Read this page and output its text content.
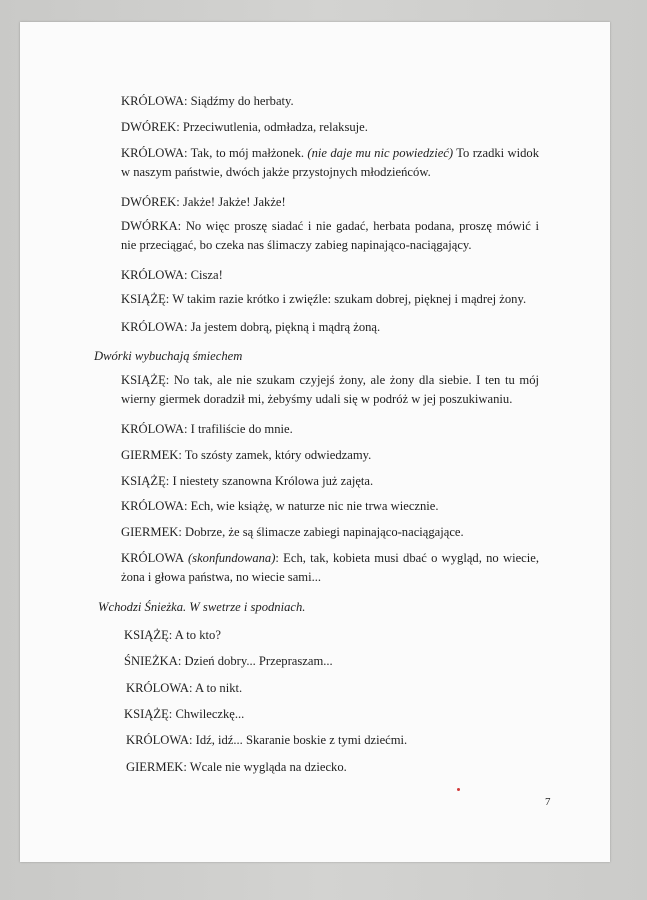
KRÓLOWA: Siądźmy do herbaty.
DWÓREK: Przeciwutlenia, odmładza, relaksuje.
KRÓLOWA: Tak, to mój małżonek. (nie daje mu nic powiedzieć) To rzadki widok w naszym państwie, dwóch jakże przystojnych młodzieńców.
DWÓREK: Jakże! Jakże! Jakże!
DWÓRKA: No więc proszę siadać i nie gadać, herbata podana, proszę mówić i nie przeciągać, bo czeka nas ślimaczy zabieg napinająco-naciągający.
KRÓLOWA: Cisza!
KSIĄŻĘ: W takim razie krótko i zwięźle: szukam dobrej, pięknej i mądrej żony.
KRÓLOWA: Ja jestem dobrą, piękną i mądrą żoną.
Dwórki wybuchają śmiechem
KSIĄŻĘ: No tak, ale nie szukam czyjejś żony, ale żony dla siebie. I ten tu mój wierny giermek doradził mi, żebyśmy udali się w podróż w jej poszukiwaniu.
KRÓLOWA: I trafiliście do mnie.
GIERMEK: To szósty zamek, który odwiedzamy.
KSIĄŻĘ: I niestety szanowna Królowa już zajęta.
KRÓLOWA: Ech, wie książę, w naturze nic nie trwa wiecznie.
GIERMEK: Dobrze, że są ślimacze zabiegi napinająco-naciągające.
KRÓLOWA (skonfundowana): Ech, tak, kobieta musi dbać o wygląd, no wiecie, żona i głowa państwa, no wiecie sami...
Wchodzi Śnieżka. W swetrze i spodniach.
KSIĄŻĘ: A to kto?
ŚNIEŻKA: Dzień dobry... Przepraszam...
KRÓLOWA: A to nikt.
KSIĄŻĘ: Chwileczkę...
KRÓLOWA: Idź, idź... Skaranie boskie z tymi dziećmi.
GIERMEK: Wcale nie wygląda na dziecko.
7
